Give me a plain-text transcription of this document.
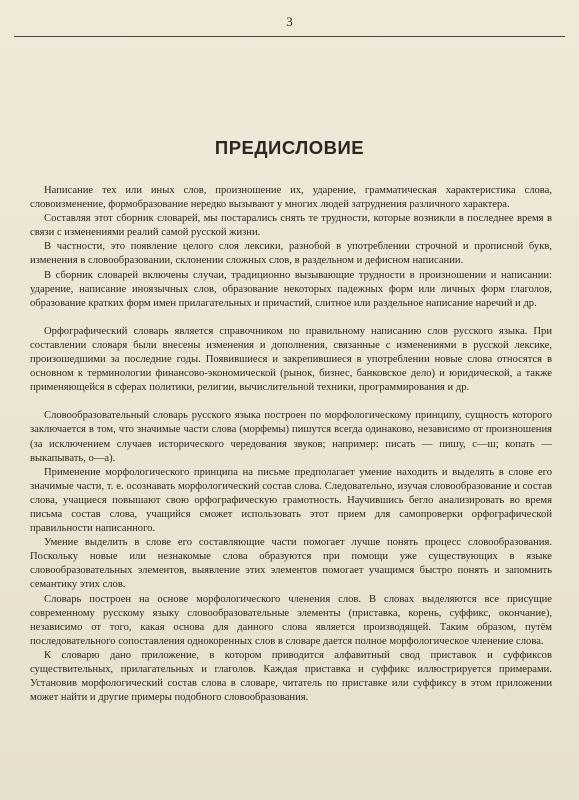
3
ПРЕДИСЛОВИЕ

Написание тех или иных слов, произношение их, ударение, грамматическая характеристика слова, словоизменение, формобразование нередко вызывают у многих людей затруднения различного характера.

Составляя этот сборник словарей, мы постарались снять те трудности, которые возникли в последнее время в связи с изменениями реалий самой русской жизни.

В частности, это появление целого слоя лексики, разнобой в употреблении строчной и прописной букв, изменения в словообразовании, склонении сложных слов, в раздельном и дефисном написании.

В сборник словарей включены случаи, традиционно вызывающие трудности в произношении и написании: ударение, написание иноязычных слов, образование некоторых падежных форм или личных форм глаголов, образование кратких форм имен прилагательных и причастий, слитное или раздельное написание наречий и др.

Орфографический словарь является справочником по правильному написанию слов русского языка. При составлении словаря были внесены изменения и дополнения, связанные с изменениями в русской лексике, произошедшими за последние годы. Появившиеся и закрепившиеся в употреблении новые слова относятся в основном к терминологии финансово-экономической (рынок, бизнес, банковское дело) и юридической, а также применяющейся в сферах политики, религии, вычислительной техники, программирования и др.

Словообразовательный словарь русского языка построен по морфологическому принципу, сущность которого заключается в том, что значимые части слова (морфемы) пишутся всегда одинаково, независимо от произношения (за исключением случаев исторического чередования звуков; например: писать — пишу, с—ш; копать — выкапывать, о—а).

Применение морфологического принципа на письме предполагает умение находить и выделять в слове его значимые части, т. е. осознавать морфологический состав слова. Следовательно, изучая словообразование и состав слова, учащиеся повышают свою орфографическую грамотность. Научившись бегло анализировать во время письма состав слова, учащийся сможет использовать этот прием для самопроверки орфографической правильности написанного.

Умение выделить в слове его составляющие части помогает лучше понять процесс словообразования. Поскольку новые или незнакомые слова образуются при помощи уже существующих в языке словообразовательных элементов, выявление этих элементов помогает учащимся быстро понять и запомнить семантику этих слов.

Словарь построен на основе морфологического членения слов. В словах выделяются все присущие современному русскому языку словообразовательные элементы (приставка, корень, суффикс, окончание), независимо от того, какая основа для данного слова является производящей. Таким образом, путём последовательного сопоставления однокоренных слов в словаре дается полное морфологическое членение слова.

К словарю дано приложение, в котором приводится алфавитный свод приставок и суффиксов существительных, прилагательных и глаголов. Каждая приставка и суффикс иллюстрируется примерами. Установив морфологический состав слова в словаре, читатель по приставке или суффиксу в этом приложении может найти и другие примеры подобного словообразования.
